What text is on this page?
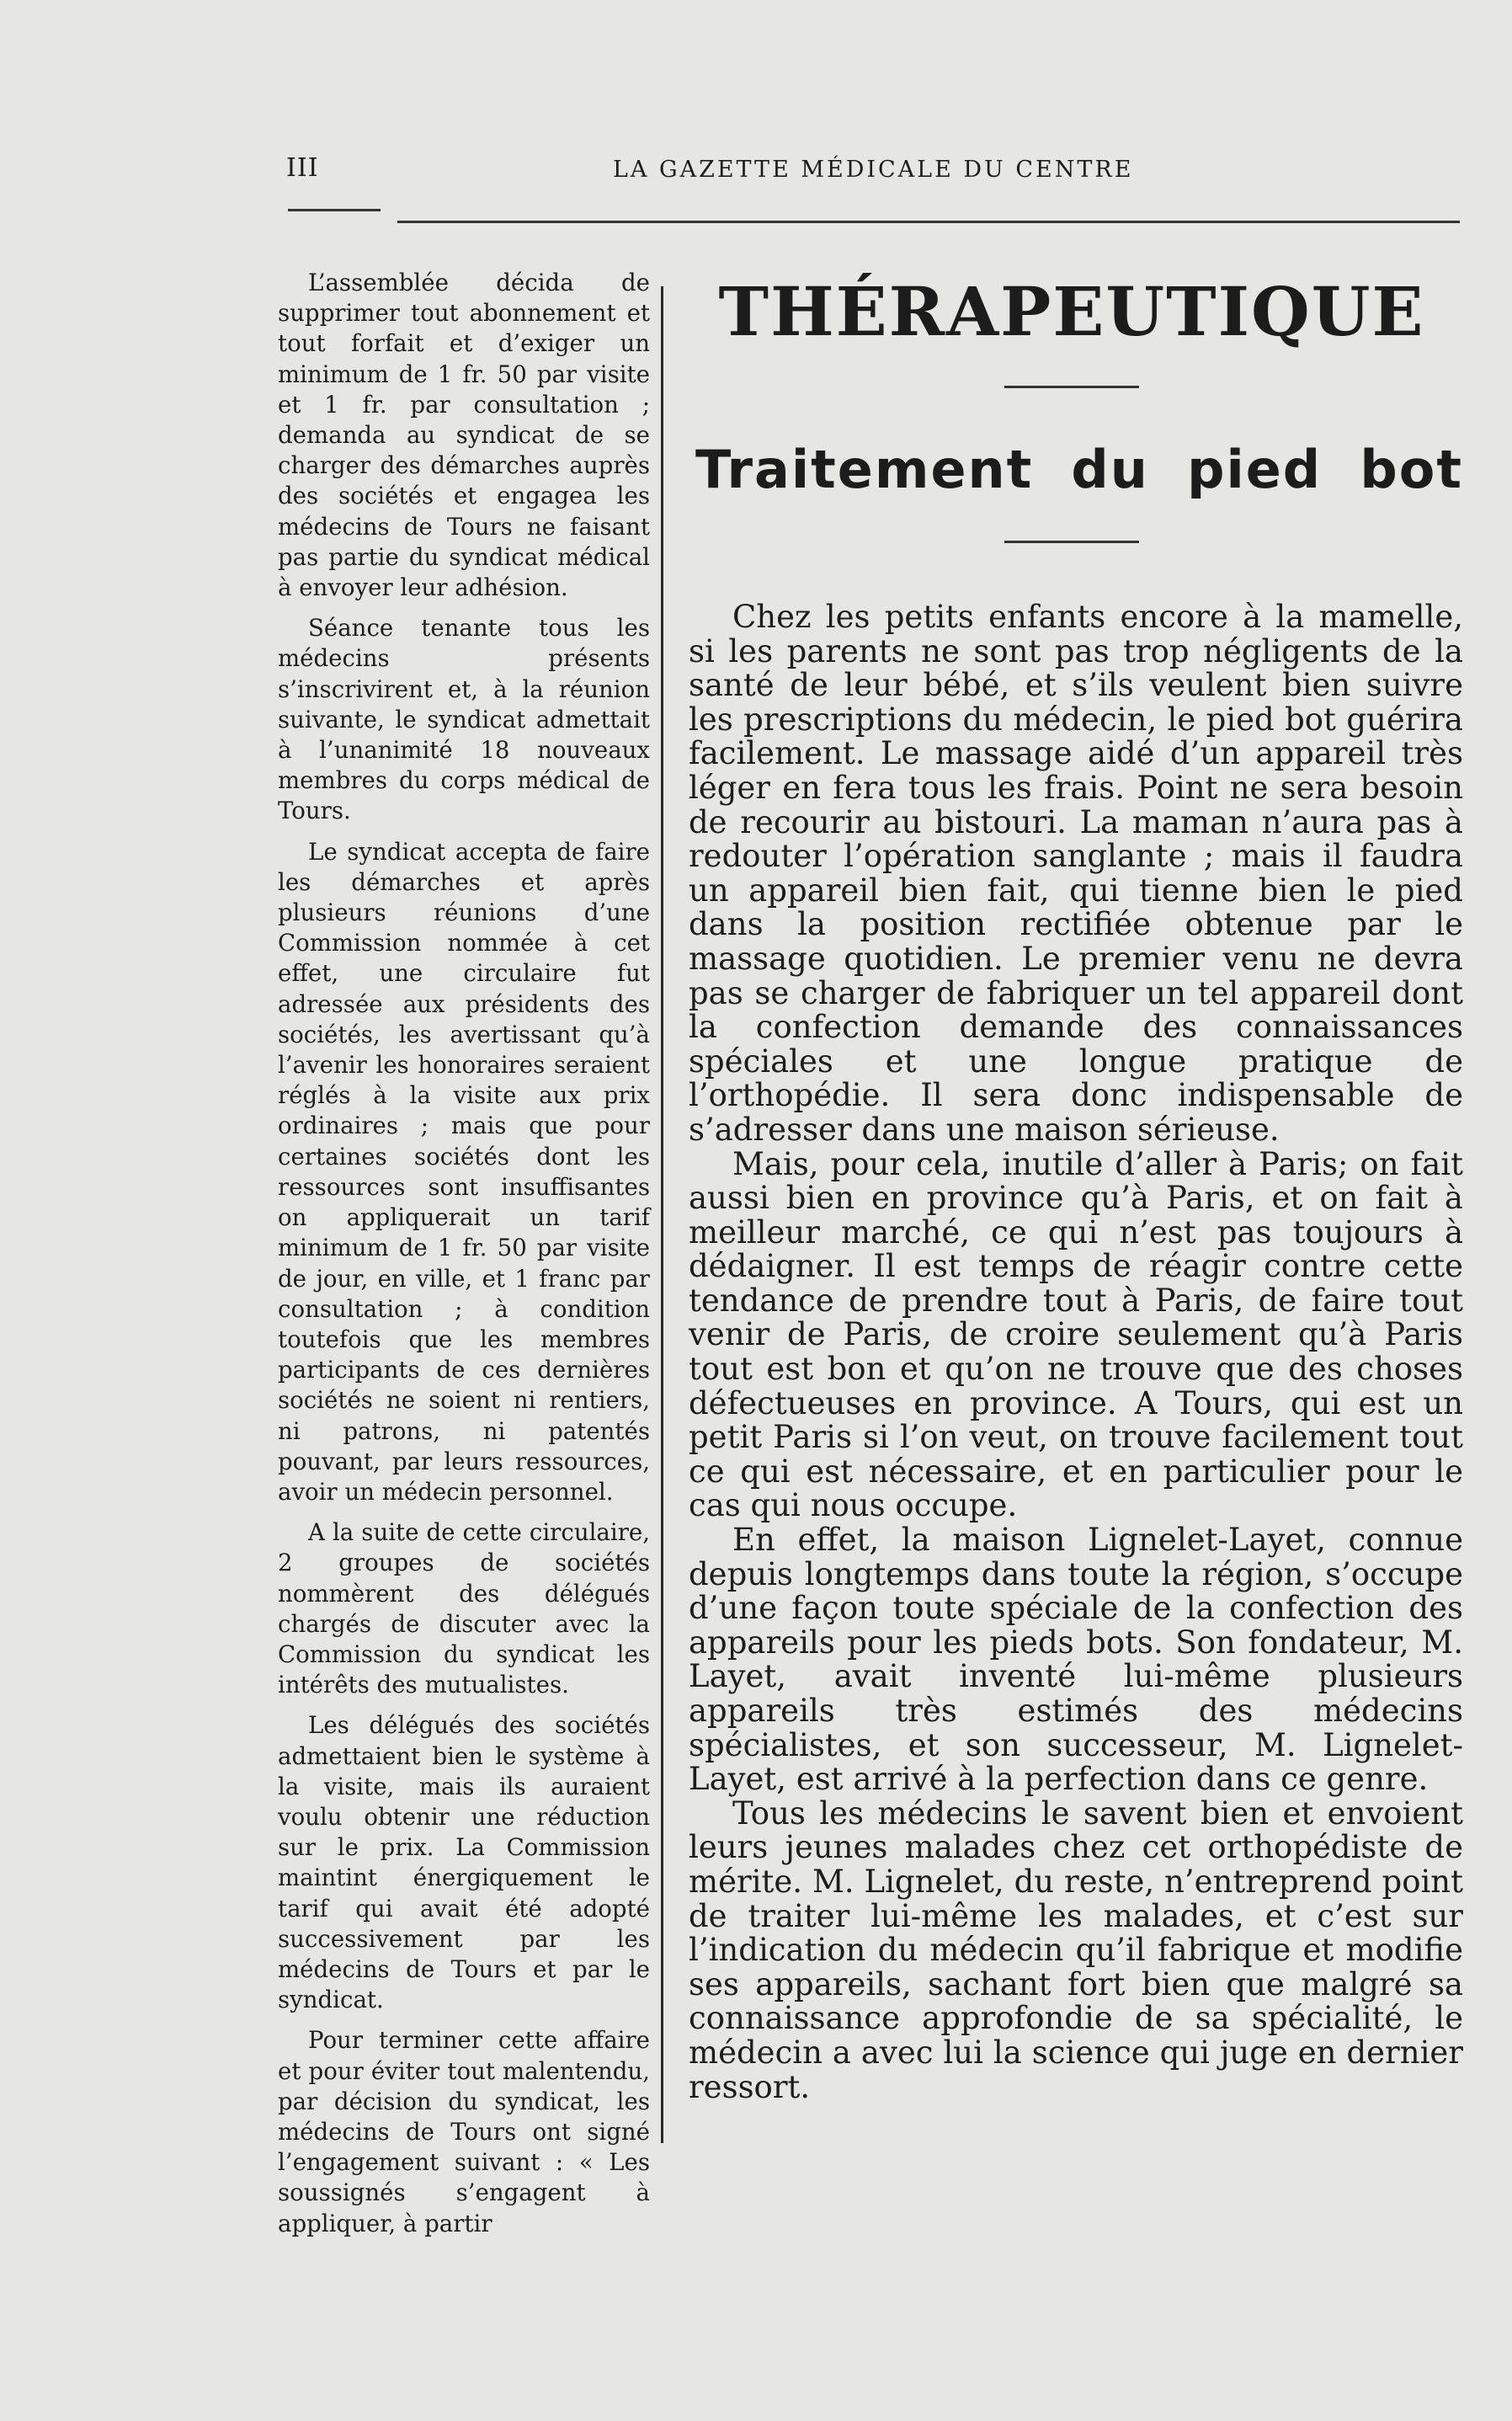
III	LA GAZETTE MÉDICALE DU CENTRE

L’assemblée décida de supprimer tout abonnement et tout forfait et d’exiger un minimum de 1 fr. 50 par visite et 1 fr. par consultation ; demanda au syndicat de se charger des démarches auprès des sociétés et engagea les médecins de Tours ne faisant pas partie du syndicat médical à envoyer leur adhésion.

Séance tenante tous les médecins présents s’inscrivirent et, à la réunion suivante, le syndicat admettait à l’unanimité 18 nouveaux membres du corps médical de Tours.

Le syndicat accepta de faire les démarches et après plusieurs réunions d’une Commission nommée à cet effet, une circulaire fut adressée aux présidents des sociétés, les avertissant qu’à l’avenir les honoraires seraient réglés à la visite aux prix ordinaires ; mais que pour certaines sociétés dont les ressources sont insuffisantes on appliquerait un tarif minimum de 1 fr. 50 par visite de jour, en ville, et 1 franc par consultation ; à condition toutefois que les membres participants de ces dernières sociétés ne soient ni rentiers, ni patrons, ni patentés pouvant, par leurs ressources, avoir un médecin personnel.

A la suite de cette circulaire, 2 groupes de sociétés nommèrent des délégués chargés de discuter avec la Commission du syndicat les intérêts des mutualistes.

Les délégués des sociétés admettaient bien le système à la visite, mais ils auraient voulu obtenir une réduction sur le prix. La Commission maintint énergiquement le tarif qui avait été adopté successivement par les médecins de Tours et par le syndicat.

Pour terminer cette affaire et pour éviter tout malentendu, par décision du syndicat, les médecins de Tours ont signé l’engagement suivant : « Les soussignés s’engagent à appliquer, à partir

THÉRAPEUTIQUE
Traitement du pied bot

Chez les petits enfants encore à la mamelle, si les parents ne sont pas trop négligents de la santé de leur bébé, et s’ils veulent bien suivre les prescriptions du médecin, le pied bot guérira facilement. Le massage aidé d’un appareil très léger en fera tous les frais. Point ne sera besoin de recourir au bistouri. La maman n’aura pas à redouter l’opération sanglante ; mais il faudra un appareil bien fait, qui tienne bien le pied dans la position rectifiée obtenue par le massage quotidien. Le premier venu ne devra pas se charger de fabriquer un tel appareil dont la confection demande des connaissances spéciales et une longue pratique de l’orthopédie. Il sera donc indispensable de s’adresser dans une maison sérieuse.

Mais, pour cela, inutile d’aller à Paris; on fait aussi bien en province qu’à Paris, et on fait à meilleur marché, ce qui n’est pas toujours à dédaigner. Il est temps de réagir contre cette tendance de prendre tout à Paris, de faire tout venir de Paris, de croire seulement qu’à Paris tout est bon et qu’on ne trouve que des choses défectueuses en province. A Tours, qui est un petit Paris si l’on veut, on trouve facilement tout ce qui est nécessaire, et en particulier pour le cas qui nous occupe.

En effet, la maison Lignelet-Layet, connue depuis longtemps dans toute la région, s’occupe d’une façon toute spéciale de la confection des appareils pour les pieds bots. Son fondateur, M. Layet, avait inventé lui-même plusieurs appareils très estimés des médecins spécialistes, et son successeur, M. Lignelet-Layet, est arrivé à la perfection dans ce genre.

Tous les médecins le savent bien et envoient leurs jeunes malades chez cet orthopédiste de mérite. M. Lignelet, du reste, n’entreprend point de traiter lui-même les malades, et c’est sur l’indication du médecin qu’il fabrique et modifie ses appareils, sachant fort bien que malgré sa connaissance approfondie de sa spécialité, le médecin a avec lui la science qui juge en dernier ressort.
